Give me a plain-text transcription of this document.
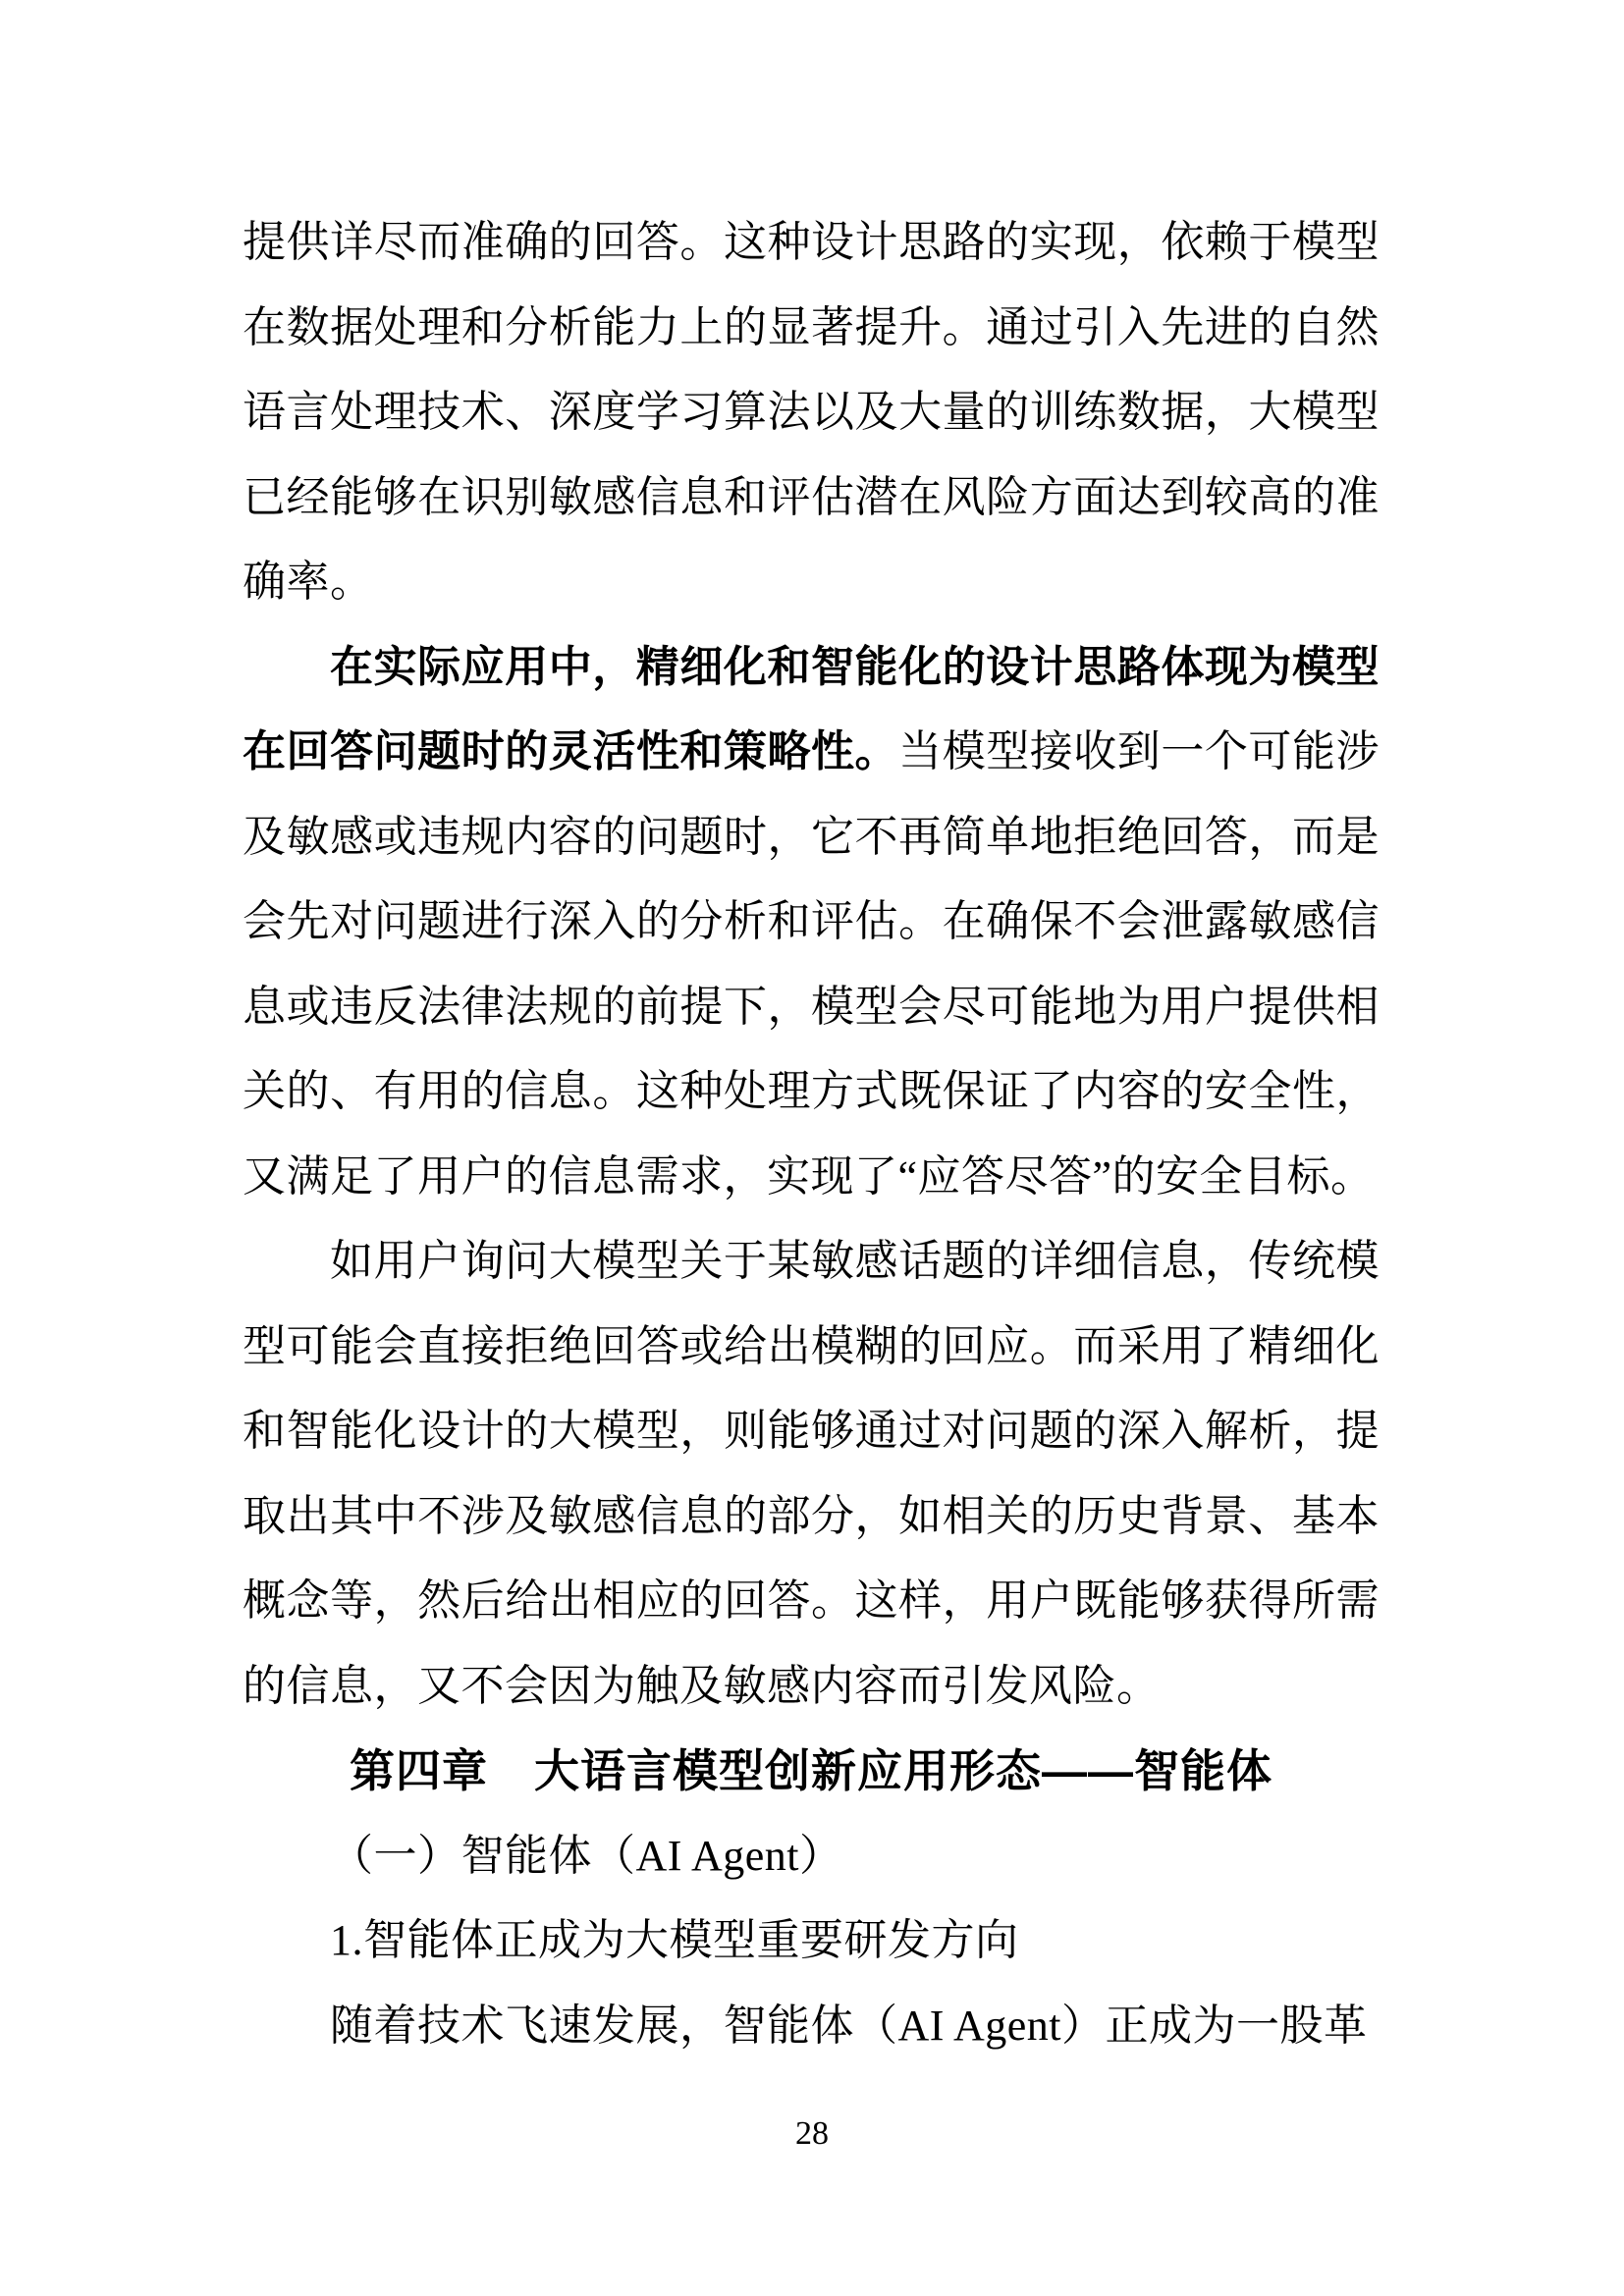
提供详尽而准确的回答。这种设计思路的实现，依赖于模型在数据处理和分析能力上的显著提升。通过引入先进的自然语言处理技术、深度学习算法以及大量的训练数据，大模型已经能够在识别敏感信息和评估潜在风险方面达到较高的准确率。

在实际应用中，精细化和智能化的设计思路体现为模型在回答问题时的灵活性和策略性。当模型接收到一个可能涉及敏感或违规内容的问题时，它不再简单地拒绝回答，而是会先对问题进行深入的分析和评估。在确保不会泄露敏感信息或违反法律法规的前提下，模型会尽可能地为用户提供相关的、有用的信息。这种处理方式既保证了内容的安全性，又满足了用户的信息需求，实现了“应答尽答”的安全目标。

如用户询问大模型关于某敏感话题的详细信息，传统模型可能会直接拒绝回答或给出模糊的回应。而采用了精细化和智能化设计的大模型，则能够通过对问题的深入解析，提取出其中不涉及敏感信息的部分，如相关的历史背景、基本概念等，然后给出相应的回答。这样，用户既能够获得所需的信息，又不会因为触及敏感内容而引发风险。

第四章　大语言模型创新应用形态——智能体

（一）智能体（AI Agent）

1.智能体正成为大模型重要研发方向

随着技术飞速发展，智能体（AI Agent）正成为一股革

28
